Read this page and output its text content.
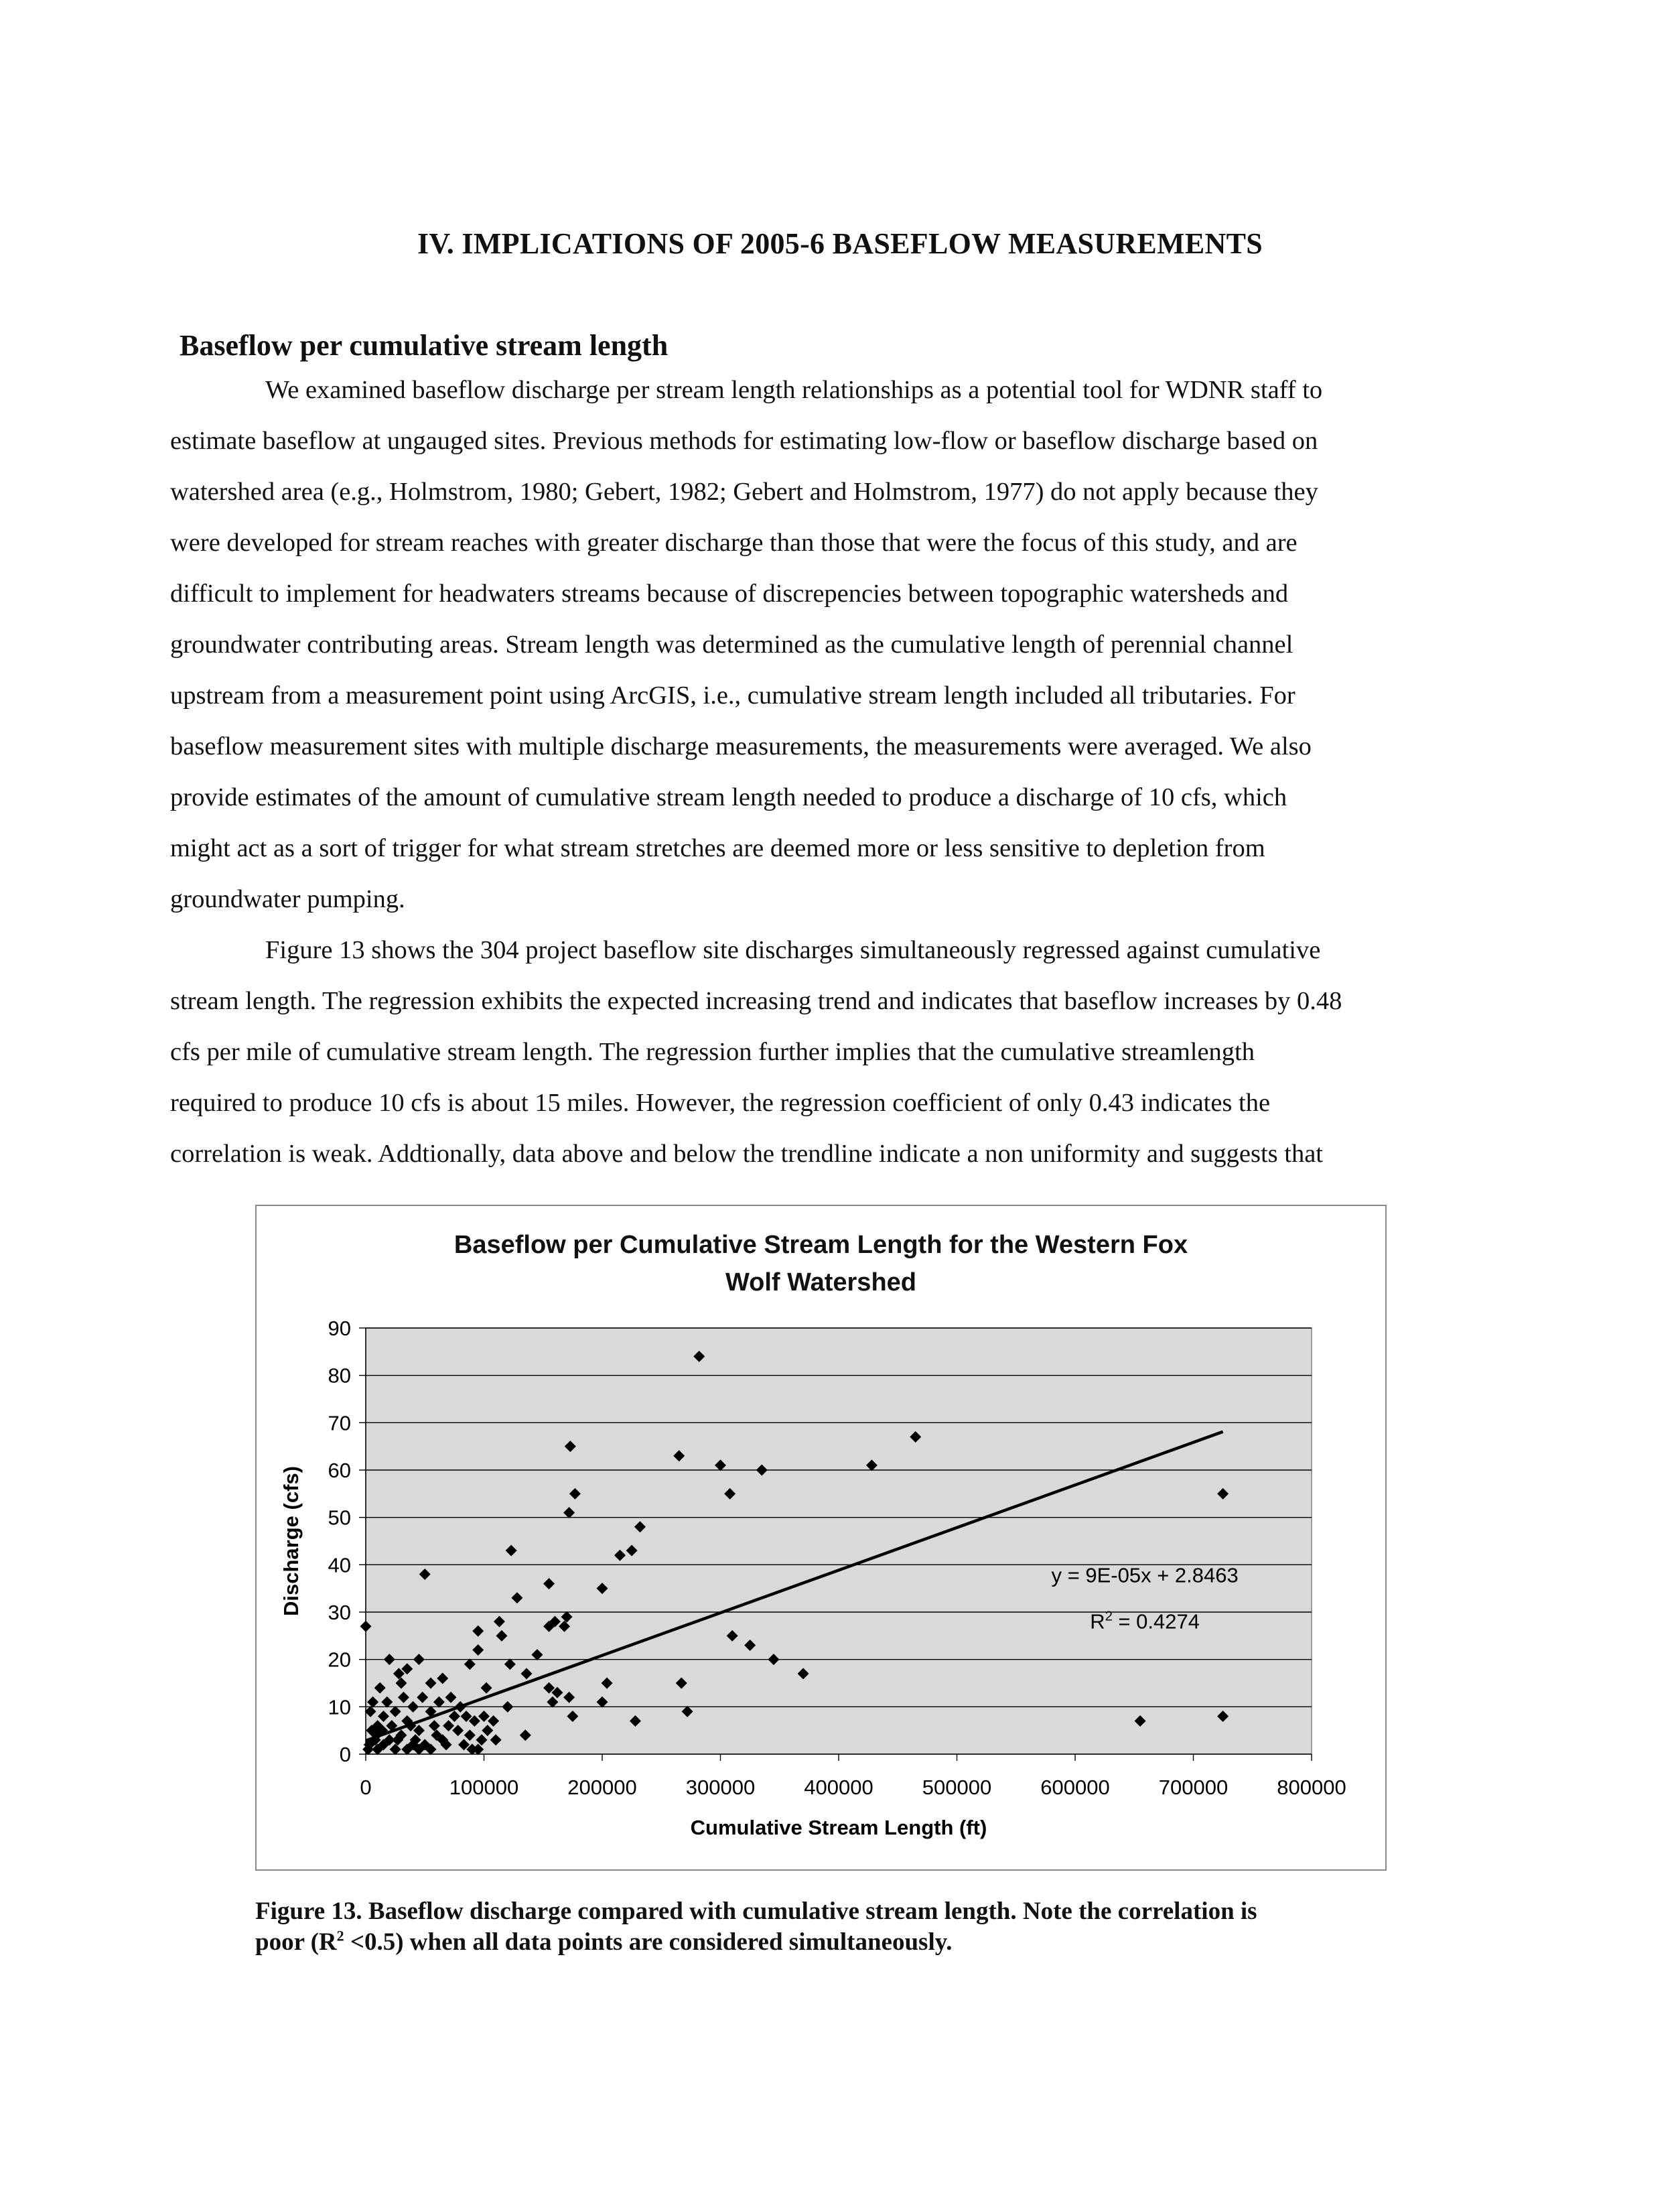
IV. IMPLICATIONS OF 2005-6 BASEFLOW MEASUREMENTS
Baseflow per cumulative stream length

We examined baseflow discharge per stream length relationships as a potential tool for WDNR staff to
estimate baseflow at ungauged sites. Previous methods for estimating low-flow or baseflow discharge based on
watershed area (e.g., Holmstrom, 1980; Gebert, 1982; Gebert and Holmstrom, 1977) do not apply because they
were developed for stream reaches with greater discharge than those that were the focus of this study, and are
difficult to implement for headwaters streams because of discrepencies between topographic watersheds and
groundwater contributing areas. Stream length was determined as the cumulative length of perennial channel
upstream from a measurement point using ArcGIS, i.e., cumulative stream length included all tributaries. For
baseflow measurement sites with multiple discharge measurements, the measurements were averaged. We also
provide estimates of the amount of cumulative stream length needed to produce a discharge of 10 cfs, which
might act as a sort of trigger for what stream stretches are deemed more or less sensitive to depletion from
groundwater pumping.

Figure 13 shows the 304 project baseflow site discharges simultaneously regressed against cumulative
stream length. The regression exhibits the expected increasing trend and indicates that baseflow increases by 0.48
cfs per mile of cumulative stream length. The regression further implies that the cumulative streamlength
required to produce 10 cfs is about 15 miles. However, the regression coefficient of only 0.43 indicates the
correlation is weak. Addtionally, data above and below the trendline indicate a non uniformity and suggests that

0
10
20
30
40
50
60
70
80
90
0	100000 200000 300000 400000 500000 600000 700000 800000
Cumulative Stream Length (ft)
Discharge (cfs)	y = 9E-05x + 2.8463
$R^2 = 0.4274$
Baseflow per Cumulative Stream Length for the Western Fox
Wolf Watershed
Figure 13. Baseflow discharge compared with cumulative stream length. Note the correlation is
poor $(R^2 <0.5)$ when all data points are considered simultaneously.
